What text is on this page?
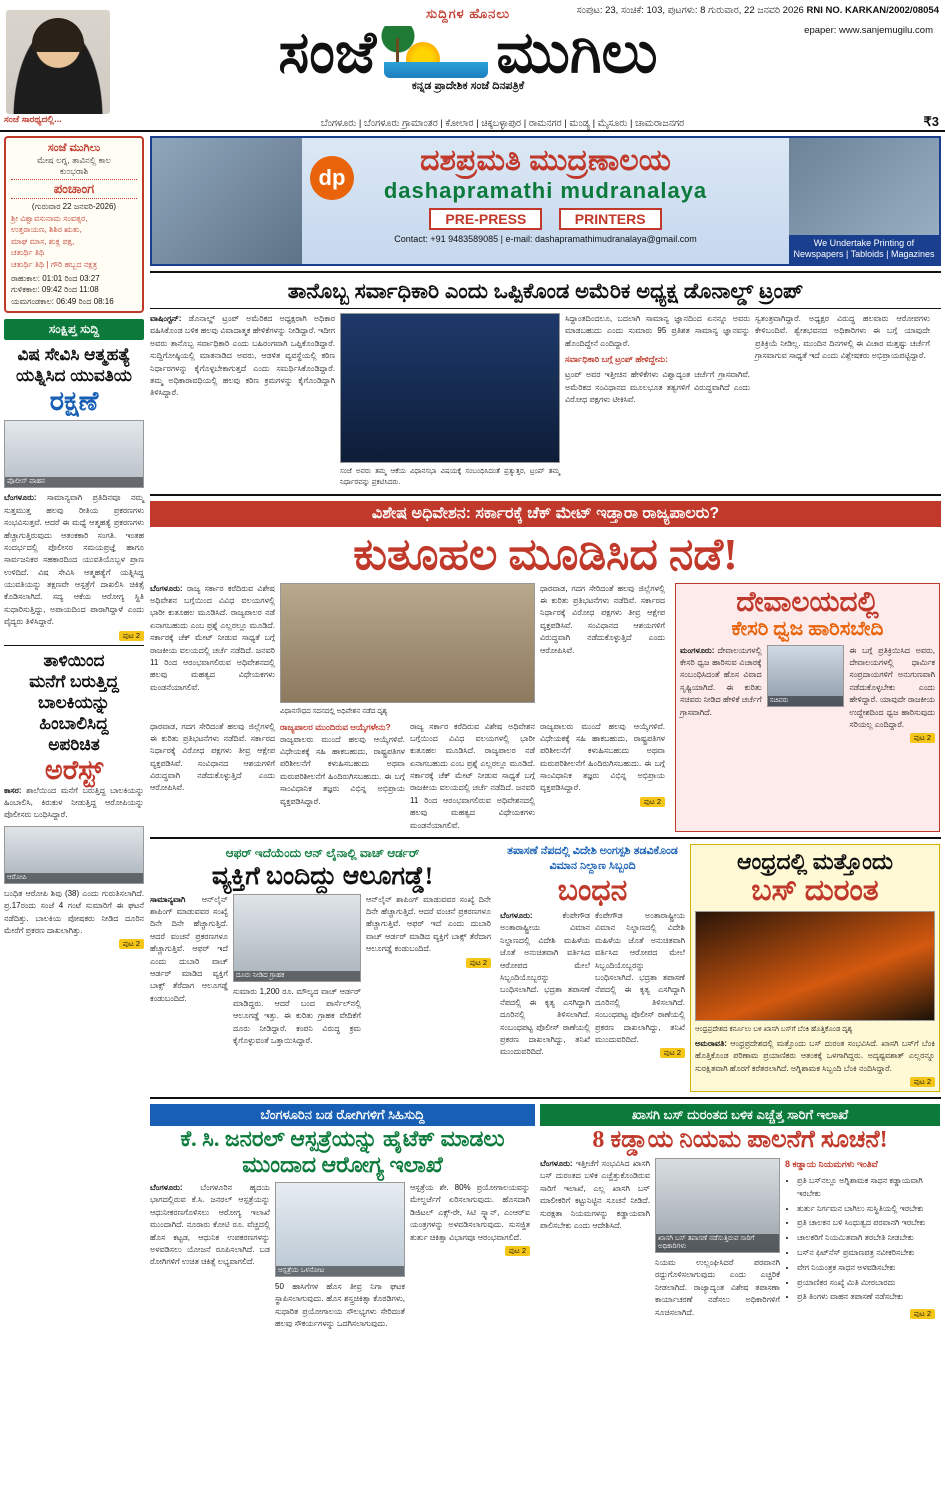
ಸಂಪುಟ: 23, ಸಂಚಿಕೆ: 103, ಪುಟಗಳು: 8 ಗುರುವಾರ, 22 ಜನವರಿ 2026 RNI NO. KARKAN/2002/08054
epaper: www.sanjemugilu.com
ಸಂಜೆ ಸಾರಥ್ಯದಲ್ಲಿ...
ಸುದ್ದಿಗಳ ಹೊನಲು
ಸಂಜೆ ಮುಗಿಲು
ಕನ್ನಡ ಪ್ರಾದೇಶಿಕ ಸಂಜೆ ದಿನಪತ್ರಿಕೆ
ಬೆಂಗಳೂರು | ಬೆಂಗಳೂರು ಗ್ರಾಮಾಂತರ | ಕೋಲಾರ | ಚಿಕ್ಕಬಳ್ಳಾಪುರ | ರಾಮನಗರ | ಮಂಡ್ಯ | ಮೈಸೂರು | ಚಾಮರಾಜನಗರ	₹3
ಸಂಜೆ ಮುಗಿಲು
ಮೇಷ ಲಗ್ನ, ತಾವಿನಲ್ಲಿ ಕಾಲ
ಕುಂಭರಾಶಿ
ಪಂಚಾಂಗ
(ಗುರುವಾರ 22 ಜನವರಿ-2026)
ಶ್ರೀ ವಿಶ್ವಾವಸುನಾಮ ಸಂವತ್ಸರ,
ಉತ್ತರಾಯಣ, ಶಿಶಿರ ಋತು,
ಮಾಘ ಮಾಸ, ಶುಕ್ಲ ಪಕ್ಷ,
ಚತುರ್ಥಿ ತಿಥಿ
ಚತುರ್ಥಿ ತಿಥಿ | ಗೌರಿ ಹಬ್ಬದ ನಕ್ಷತ್ರ
ರಾಹುಕಾಲ: 01:01 ರಿಂದ 03:27
ಗುಳಿಕಕಾಲ: 09:42 ರಿಂದ 11:08
ಯಮಗಂಡಕಾಲ: 06:49 ರಿಂದ 08:16
ಸಂಕ್ಷಿಪ್ತ ಸುದ್ದಿ
ವಿಷ ಸೇವಿಸಿ ಆತ್ಮಹತ್ಯೆ ಯತ್ನಿಸಿದ ಯುವತಿಯ
ರಕ್ಷಣೆ
ಪೊಲೀಸ್ ವಾಹನ
ಬೆಂಗಳೂರು: ಸಾಮಾನ್ಯವಾಗಿ ಪ್ರತಿದಿನವೂ ನಮ್ಮ ಸುತ್ತಮುತ್ತ ಹಲವು ರೀತಿಯ ಪ್ರಕರಣಗಳು ಸಂಭವಿಸುತ್ತವೆ. ಆದರೆ ಈ ಮಧ್ಯೆ ಆತ್ಮಹತ್ಯೆ ಪ್ರಕರಣಗಳು ಹೆಚ್ಚಾಗುತ್ತಿರುವುದು ಆತಂಕಕಾರಿ ಸಂಗತಿ. ಇಂತಹ ಸಂದರ್ಭದಲ್ಲಿ ಪೊಲೀಸರ ಸಮಯಪ್ರಜ್ಞೆ ಹಾಗೂ ಸಾರ್ವಜನಿಕರ ಸಹಕಾರದಿಂದ ಯುವತಿಯೊಬ್ಬಳ ಪ್ರಾಣ ಉಳಿದಿದೆ. ವಿಷ ಸೇವಿಸಿ ಆತ್ಮಹತ್ಯೆಗೆ ಯತ್ನಿಸಿದ್ದ ಯುವತಿಯನ್ನು ತಕ್ಷಣವೇ ಆಸ್ಪತ್ರೆಗೆ ದಾಖಲಿಸಿ ಚಿಕಿತ್ಸೆ ಕೊಡಿಸಲಾಗಿದೆ. ಸದ್ಯ ಆಕೆಯ ಆರೋಗ್ಯ ಸ್ಥಿತಿ ಸುಧಾರಿಸುತ್ತಿದ್ದು, ಅಪಾಯದಿಂದ ಪಾರಾಗಿದ್ದಾಳೆ ಎಂದು ವೈದ್ಯರು ತಿಳಿಸಿದ್ದಾರೆ.
ಪುಟ 2
ತಾಳಿಯಿಂದ
ಮನೆಗೆ ಬರುತ್ತಿದ್ದ
ಬಾಲಕಿಯನ್ನು
ಹಿಂಬಾಲಿಸಿದ್ದ
ಅಪರಿಚಿತ
ಅರೆಸ್ಟ್
ಕಾಸರ: ಶಾಲೆಯಿಂದ ಮನೆಗೆ ಬರುತ್ತಿದ್ದ ಬಾಲಕಿಯನ್ನು ಹಿಂಬಾಲಿಸಿ, ಕಿರುಕುಳ ನೀಡುತ್ತಿದ್ದ ಆರೋಪಿಯನ್ನು ಪೊಲೀಸರು ಬಂಧಿಸಿದ್ದಾರೆ.
ಆರೋಪಿ
ಬಂಧಿತ ಆರೋಪಿ ಶಿವು (38) ಎಂದು ಗುರುತಿಸಲಾಗಿದೆ. ಪ್ರ.17ರಂದು ಸಂಜೆ 4 ಗಂಟೆ ಸುಮಾರಿಗೆ ಈ ಘಟನೆ ನಡೆದಿತ್ತು. ಬಾಲಕಿಯ ಪೋಷಕರು ನೀಡಿದ ದೂರಿನ ಮೇರೆಗೆ ಪ್ರಕರಣ ದಾಖಲಾಗಿತ್ತು.
ಪುಟ 2
dp
ದಶಪ್ರಮತಿ ಮುದ್ರಣಾಲಯ
dashapramathi mudranalaya
PRE-PRESS	PRINTERS
Contact: +91 9483589085 | e-mail: dashapramathimudranalaya@gmail.com	We Undertake Printing of
Newspapers | Tabloids | Magazines
ತಾನೊಬ್ಬ ಸರ್ವಾಧಿಕಾರಿ ಎಂದು ಒಪ್ಪಿಕೊಂಡ ಅಮೆರಿಕ ಅಧ್ಯಕ್ಷ ಡೊನಾಲ್ಡ್ ಟ್ರಂಪ್
ವಾಷಿಂಗ್ಟನ್: ಡೊನಾಲ್ಡ್ ಟ್ರಂಪ್ ಅಮೆರಿಕದ ಅಧ್ಯಕ್ಷರಾಗಿ ಅಧಿಕಾರ ವಹಿಸಿಕೊಂಡ ಬಳಿಕ ಹಲವು ವಿವಾದಾತ್ಮಕ ಹೇಳಿಕೆಗಳನ್ನು ನೀಡಿದ್ದಾರೆ. ಇದೀಗ ಅವರು ತಾನೊಬ್ಬ ಸರ್ವಾಧಿಕಾರಿ ಎಂದು ಬಹಿರಂಗವಾಗಿ ಒಪ್ಪಿಕೊಂಡಿದ್ದಾರೆ. ಸುದ್ದಿಗೋಷ್ಠಿಯಲ್ಲಿ ಮಾತನಾಡಿದ ಅವರು, ಆಡಳಿತ ವ್ಯವಸ್ಥೆಯಲ್ಲಿ ಕಠಿಣ ನಿರ್ಧಾರಗಳನ್ನು ಕೈಗೊಳ್ಳಬೇಕಾಗುತ್ತದೆ ಎಂದು ಸಮರ್ಥಿಸಿಕೊಂಡಿದ್ದಾರೆ. ತಮ್ಮ ಅಧಿಕಾರಾವಧಿಯಲ್ಲಿ ಹಲವು ಕಠಿಣ ಕ್ರಮಗಳನ್ನು ಕೈಗೊಂಡಿದ್ದಾಗಿ ತಿಳಿಸಿದ್ದಾರೆ.
ಸಂಜೆ ಅವರು ತಮ್ಮ ಆಕೆಯ ವಿಧಾನಸಭಾ ವಿಷಯಕ್ಕೆ ಸಂಬಂಧಿಸಿದಂತೆ ಪ್ರತ್ಯುತ್ತರ, ಟ್ರಂಪ್ ತಮ್ಮ ನಿರ್ಧಾರವನ್ನು ಪ್ರಕಟಿಸಿದರು.
ಸಿದ್ಧಾಂತದಿಂದಲೂ, ಬದಲಾಗಿ ಸಾಮಾನ್ಯ ಜ್ಞಾನದಿಂದ ಏನನ್ನೂ ಅವರು ಮಾಡಬಹುದು ಎಂದು ಸುಮಾರು 95 ಪ್ರತಿಶತ ಸಾಮಾನ್ಯ ಜ್ಞಾನವನ್ನು ಹೊಂದಿದ್ದೇನೆ ಎಂದಿದ್ದಾರೆ.
ಸರ್ವಾಧಿಕಾರಿ ಬಗ್ಗೆ ಟ್ರಂಪ್ ಹೇಳಿದ್ದೇನು:
ಟ್ರಂಪ್ ಅವರ ಇತ್ತೀಚಿನ ಹೇಳಿಕೆಗಳು ವಿಶ್ವಾದ್ಯಂತ ಚರ್ಚೆಗೆ ಗ್ರಾಸವಾಗಿವೆ. ಅಮೆರಿಕದ ಸಂವಿಧಾನದ ಮೂಲಭೂತ ತತ್ವಗಳಿಗೆ ವಿರುದ್ಧವಾಗಿದೆ ಎಂದು ವಿರೋಧ ಪಕ್ಷಗಳು ಟೀಕಿಸಿವೆ.
ಸ್ವತಂತ್ರವಾಗಿದ್ದಾರೆ. ಅಧ್ಯಕ್ಷರ ವಿರುದ್ಧ ಹಲವಾರು ಆರೋಪಗಳು ಕೇಳಿಬಂದಿವೆ. ಶ್ವೇತಭವನದ ಅಧಿಕಾರಿಗಳು ಈ ಬಗ್ಗೆ ಯಾವುದೇ ಪ್ರತಿಕ್ರಿಯೆ ನೀಡಿಲ್ಲ. ಮುಂದಿನ ದಿನಗಳಲ್ಲಿ ಈ ವಿಚಾರ ಮತ್ತಷ್ಟು ಚರ್ಚೆಗೆ ಗ್ರಾಸವಾಗುವ ಸಾಧ್ಯತೆ ಇದೆ ಎಂದು ವಿಶ್ಲೇಷಕರು ಅಭಿಪ್ರಾಯಪಟ್ಟಿದ್ದಾರೆ.
ವಿಶೇಷ ಅಧಿವೇಶನ: ಸರ್ಕಾರಕ್ಕೆ ಚೆಕ್ ಮೇಟ್ ಇಡ್ತಾರಾ ರಾಜ್ಯಪಾಲರು?
ಕುತೂಹಲ ಮೂಡಿಸಿದ ನಡೆ!
ಬೆಂಗಳೂರು: ರಾಜ್ಯ ಸರ್ಕಾರ ಕರೆದಿರುವ ವಿಶೇಷ ಅಧಿವೇಶನ ಬಗ್ಗೆಯಿಂದ ವಿವಿಧ ವಲಯಗಳಲ್ಲಿ ಭಾರೀ ಕುತೂಹಲ ಮೂಡಿಸಿದೆ. ರಾಜ್ಯಪಾಲರ ನಡೆ ಏನಾಗಬಹುದು ಎಂಬ ಪ್ರಶ್ನೆ ಎಲ್ಲರಲ್ಲೂ ಮೂಡಿದೆ. ಸರ್ಕಾರಕ್ಕೆ ಚೆಕ್ ಮೇಟ್ ನೀಡುವ ಸಾಧ್ಯತೆ ಬಗ್ಗೆ ರಾಜಕೀಯ ವಲಯದಲ್ಲಿ ಚರ್ಚೆ ನಡೆದಿದೆ. ಜನವರಿ 11 ರಿಂದ ಆರಂಭವಾಗಲಿರುವ ಅಧಿವೇಶನದಲ್ಲಿ ಹಲವು ಮಹತ್ವದ ವಿಧೇಯಕಗಳು ಮಂಡನೆಯಾಗಲಿವೆ.
ವಿಧಾನಸೌಧದ ಸದನದಲ್ಲಿ ಅಧಿವೇಶನ ನಡೆದ ದೃಶ್ಯ
ಧಾರವಾಡ, ಗದಗ ಸೇರಿದಂತೆ ಹಲವು ಜಿಲ್ಲೆಗಳಲ್ಲಿ ಈ ಕುರಿತು ಪ್ರತಿಭಟನೆಗಳು ನಡೆದಿವೆ. ಸರ್ಕಾರದ ನಿರ್ಧಾರಕ್ಕೆ ವಿರೋಧ ಪಕ್ಷಗಳು ತೀವ್ರ ಆಕ್ಷೇಪ ವ್ಯಕ್ತಪಡಿಸಿವೆ. ಸಂವಿಧಾನದ ಆಶಯಗಳಿಗೆ ವಿರುದ್ಧವಾಗಿ ನಡೆದುಕೊಳ್ಳುತ್ತಿದೆ ಎಂದು ಆರೋಪಿಸಿವೆ.
ಧಾರವಾಡ, ಗದಗ ಸೇರಿದಂತೆ ಹಲವು ಜಿಲ್ಲೆಗಳಲ್ಲಿ ಈ ಕುರಿತು ಪ್ರತಿಭಟನೆಗಳು ನಡೆದಿವೆ. ಸರ್ಕಾರದ ನಿರ್ಧಾರಕ್ಕೆ ವಿರೋಧ ಪಕ್ಷಗಳು ತೀವ್ರ ಆಕ್ಷೇಪ ವ್ಯಕ್ತಪಡಿಸಿವೆ. ಸಂವಿಧಾನದ ಆಶಯಗಳಿಗೆ ವಿರುದ್ಧವಾಗಿ ನಡೆದುಕೊಳ್ಳುತ್ತಿದೆ ಎಂದು ಆರೋಪಿಸಿವೆ.
ರಾಜ್ಯಪಾಲರ ಮುಂದಿರುವ ಆಯ್ಕೆಗಳೇನು?
ರಾಜ್ಯಪಾಲರು ಮುಂದೆ ಹಲವು ಆಯ್ಕೆಗಳಿವೆ. ವಿಧೇಯಕಕ್ಕೆ ಸಹಿ ಹಾಕಬಹುದು, ರಾಷ್ಟ್ರಪತಿಗಳ ಪರಿಶೀಲನೆಗೆ ಕಳುಹಿಸಬಹುದು ಅಥವಾ ಮರುಪರಿಶೀಲನೆಗೆ ಹಿಂದಿರುಗಿಸಬಹುದು. ಈ ಬಗ್ಗೆ ಸಾಂವಿಧಾನಿಕ ತಜ್ಞರು ವಿಭಿನ್ನ ಅಭಿಪ್ರಾಯ ವ್ಯಕ್ತಪಡಿಸಿದ್ದಾರೆ.
ರಾಜ್ಯ ಸರ್ಕಾರ ಕರೆದಿರುವ ವಿಶೇಷ ಅಧಿವೇಶನ ಬಗ್ಗೆಯಿಂದ ವಿವಿಧ ವಲಯಗಳಲ್ಲಿ ಭಾರೀ ಕುತೂಹಲ ಮೂಡಿಸಿದೆ. ರಾಜ್ಯಪಾಲರ ನಡೆ ಏನಾಗಬಹುದು ಎಂಬ ಪ್ರಶ್ನೆ ಎಲ್ಲರಲ್ಲೂ ಮೂಡಿದೆ. ಸರ್ಕಾರಕ್ಕೆ ಚೆಕ್ ಮೇಟ್ ನೀಡುವ ಸಾಧ್ಯತೆ ಬಗ್ಗೆ ರಾಜಕೀಯ ವಲಯದಲ್ಲಿ ಚರ್ಚೆ ನಡೆದಿದೆ. ಜನವರಿ 11 ರಿಂದ ಆರಂಭವಾಗಲಿರುವ ಅಧಿವೇಶನದಲ್ಲಿ ಹಲವು ಮಹತ್ವದ ವಿಧೇಯಕಗಳು ಮಂಡನೆಯಾಗಲಿವೆ.
ರಾಜ್ಯಪಾಲರು ಮುಂದೆ ಹಲವು ಆಯ್ಕೆಗಳಿವೆ. ವಿಧೇಯಕಕ್ಕೆ ಸಹಿ ಹಾಕಬಹುದು, ರಾಷ್ಟ್ರಪತಿಗಳ ಪರಿಶೀಲನೆಗೆ ಕಳುಹಿಸಬಹುದು ಅಥವಾ ಮರುಪರಿಶೀಲನೆಗೆ ಹಿಂದಿರುಗಿಸಬಹುದು. ಈ ಬಗ್ಗೆ ಸಾಂವಿಧಾನಿಕ ತಜ್ಞರು ವಿಭಿನ್ನ ಅಭಿಪ್ರಾಯ ವ್ಯಕ್ತಪಡಿಸಿದ್ದಾರೆ.
ಪುಟ 2
ದೇವಾಲಯದಲ್ಲಿ
ಕೇಸರಿ ಧ್ವಜ ಹಾರಿಸಬೇದಿ
ಮಂಗಳೂರು: ದೇವಾಲಯಗಳಲ್ಲಿ ಕೇಸರಿ ಧ್ವಜ ಹಾರಿಸುವ ವಿಚಾರಕ್ಕೆ ಸಂಬಂಧಿಸಿದಂತೆ ಹೊಸ ವಿವಾದ ಸೃಷ್ಟಿಯಾಗಿದೆ. ಈ ಕುರಿತು ಸಚಿವರು ನೀಡಿದ ಹೇಳಿಕೆ ಚರ್ಚೆಗೆ ಗ್ರಾಸವಾಗಿದೆ.
ಸಚಿವರು
ಈ ಬಗ್ಗೆ ಪ್ರತಿಕ್ರಿಯಿಸಿದ ಅವರು, ದೇವಾಲಯಗಳಲ್ಲಿ ಧಾರ್ಮಿಕ ಸಂಪ್ರದಾಯಗಳಿಗೆ ಅನುಗುಣವಾಗಿ ನಡೆದುಕೊಳ್ಳಬೇಕು ಎಂದು ಹೇಳಿದ್ದಾರೆ. ಯಾವುದೇ ರಾಜಕೀಯ ಉದ್ದೇಶದಿಂದ ಧ್ವಜ ಹಾರಿಸುವುದು ಸರಿಯಲ್ಲ ಎಂದಿದ್ದಾರೆ.
ಪುಟ 2
ಆಫರ್ ಇದೆಯೆಂದು ಆನ್ ಲೈನಾಲ್ಲಿ ವಾಚ್ ಆರ್ಡರ್
ವ್ಯಕ್ತಿಗೆ ಬಂದಿದ್ದು ಆಲೂಗಡ್ಡೆ!
ಸಾಮಾನ್ಯವಾಗಿ ಆನ್‌ಲೈನ್ ಶಾಪಿಂಗ್ ಮಾಡುವವರ ಸಂಖ್ಯೆ ದಿನೇ ದಿನೇ ಹೆಚ್ಚಾಗುತ್ತಿದೆ. ಆದರೆ ವಂಚನೆ ಪ್ರಕರಣಗಳೂ ಹೆಚ್ಚಾಗುತ್ತಿವೆ. ಆಫರ್ ಇದೆ ಎಂದು ದುಬಾರಿ ವಾಚ್ ಆರ್ಡರ್ ಮಾಡಿದ ವ್ಯಕ್ತಿಗೆ ಬಾಕ್ಸ್ ತೆರೆದಾಗ ಆಲೂಗಡ್ಡೆ ಕಂಡುಬಂದಿದೆ.
ದೂರು ನೀಡಿದ ಗ್ರಾಹಕ
ಸುಮಾರು 1,200 ರೂ. ಮೌಲ್ಯದ ವಾಚ್ ಆರ್ಡರ್ ಮಾಡಿದ್ದರು. ಆದರೆ ಬಂದ ಪಾರ್ಸೆಲ್‌ನಲ್ಲಿ ಆಲೂಗಡ್ಡೆ ಇತ್ತು. ಈ ಕುರಿತು ಗ್ರಾಹಕ ವೇದಿಕೆಗೆ ದೂರು ನೀಡಿದ್ದಾರೆ. ಕಂಪನಿ ವಿರುದ್ಧ ಕ್ರಮ ಕೈಗೊಳ್ಳುವಂತೆ ಒತ್ತಾಯಿಸಿದ್ದಾರೆ.
ಆನ್‌ಲೈನ್ ಶಾಪಿಂಗ್ ಮಾಡುವವರ ಸಂಖ್ಯೆ ದಿನೇ ದಿನೇ ಹೆಚ್ಚಾಗುತ್ತಿದೆ. ಆದರೆ ವಂಚನೆ ಪ್ರಕರಣಗಳೂ ಹೆಚ್ಚಾಗುತ್ತಿವೆ. ಆಫರ್ ಇದೆ ಎಂದು ದುಬಾರಿ ವಾಚ್ ಆರ್ಡರ್ ಮಾಡಿದ ವ್ಯಕ್ತಿಗೆ ಬಾಕ್ಸ್ ತೆರೆದಾಗ ಆಲೂಗಡ್ಡೆ ಕಂಡುಬಂದಿದೆ.
ಪುಟ 2
ತಪಾಸಣೆ ನೆಪದಲ್ಲಿ ವಿದೇಶಿ ಅಂಗಸ್ಪಶಿ ತಡವಿಕೊಂಡ ವಿಮಾನ ನಿಲ್ದಾಣ ಸಿಬ್ಬಂದಿ
ಬಂಧನ
ಬೆಂಗಳೂರು:	ಕೆಂಪೇಗೌಡ ಅಂತಾರಾಷ್ಟ್ರೀಯ ವಿಮಾನ ನಿಲ್ದಾಣದಲ್ಲಿ ವಿದೇಶಿ ಮಹಿಳೆಯ ಜೊತೆ ಅನುಚಿತವಾಗಿ ವರ್ತಿಸಿದ ಆರೋಪದ ಮೇಲೆ ಸಿಬ್ಬಂದಿಯೊಬ್ಬರನ್ನು ಬಂಧಿಸಲಾಗಿದೆ. ಭದ್ರತಾ ತಪಾಸಣೆ ನೆಪದಲ್ಲಿ ಈ ಕೃತ್ಯ ಎಸಗಿದ್ದಾಗಿ ದೂರಿನಲ್ಲಿ ತಿಳಿಸಲಾಗಿದೆ. ಸಂಬಂಧಪಟ್ಟ ಪೊಲೀಸ್ ಠಾಣೆಯಲ್ಲಿ ಪ್ರಕರಣ ದಾಖಲಾಗಿದ್ದು, ತನಿಖೆ ಮುಂದುವರಿದಿದೆ.
ಕೆಂಪೇಗೌಡ ಅಂತಾರಾಷ್ಟ್ರೀಯ ವಿಮಾನ ನಿಲ್ದಾಣದಲ್ಲಿ ವಿದೇಶಿ ಮಹಿಳೆಯ ಜೊತೆ ಅನುಚಿತವಾಗಿ ವರ್ತಿಸಿದ ಆರೋಪದ ಮೇಲೆ ಸಿಬ್ಬಂದಿಯೊಬ್ಬರನ್ನು ಬಂಧಿಸಲಾಗಿದೆ. ಭದ್ರತಾ ತಪಾಸಣೆ ನೆಪದಲ್ಲಿ ಈ ಕೃತ್ಯ ಎಸಗಿದ್ದಾಗಿ ದೂರಿನಲ್ಲಿ ತಿಳಿಸಲಾಗಿದೆ. ಸಂಬಂಧಪಟ್ಟ ಪೊಲೀಸ್ ಠಾಣೆಯಲ್ಲಿ ಪ್ರಕರಣ ದಾಖಲಾಗಿದ್ದು, ತನಿಖೆ ಮುಂದುವರಿದಿದೆ.
ಪುಟ 2
ಆಂಧ್ರದಲ್ಲಿ ಮತ್ತೊಂದು
ಬಸ್ ದುರಂತ
ಆಂಧ್ರಪ್ರದೇಶದ ಕರ್ನೂಲು ಬಳಿ ಖಾಸಗಿ ಬಸ್‌ಗೆ ಬೆಂಕಿ ಹೊತ್ತಿಕೊಂಡ ದೃಶ್ಯ
ಅಮರಾವತಿ: ಆಂಧ್ರಪ್ರದೇಶದಲ್ಲಿ ಮತ್ತೊಂದು ಬಸ್ ದುರಂತ ಸಂಭವಿಸಿದೆ. ಖಾಸಗಿ ಬಸ್‌ಗೆ ಬೆಂಕಿ ಹೊತ್ತಿಕೊಂಡ ಪರಿಣಾಮ ಪ್ರಯಾಣಿಕರು ಆತಂಕಕ್ಕೆ ಒಳಗಾಗಿದ್ದರು. ಅದೃಷ್ಟವಶಾತ್ ಎಲ್ಲರನ್ನೂ ಸುರಕ್ಷಿತವಾಗಿ ಹೊರಗೆ ಕರೆತರಲಾಗಿದೆ. ಅಗ್ನಿಶಾಮಕ ಸಿಬ್ಬಂದಿ ಬೆಂಕಿ ನಂದಿಸಿದ್ದಾರೆ.
ಪುಟ 2
ಬೆಂಗಳೂರಿನ ಬಡ ರೋಗಿಗಳಿಗೆ ಸಿಹಿಸುದ್ದಿ
ಕೆ. ಸಿ. ಜನರಲ್ ಆಸ್ಪತ್ರೆಯನ್ನು ಹೈಟೆಕ್ ಮಾಡಲು ಮುಂದಾದ ಆರೋಗ್ಯ ಇಲಾಖೆ
ಬೆಂಗಳೂರು: ಬೆಂಗಳೂರಿನ ಹೃದಯ ಭಾಗದಲ್ಲಿರುವ ಕೆ.ಸಿ. ಜನರಲ್ ಆಸ್ಪತ್ರೆಯನ್ನು ಆಧುನೀಕರಣಗೊಳಿಸಲು ಆರೋಗ್ಯ ಇಲಾಖೆ ಮುಂದಾಗಿದೆ. ನೂರಾರು ಕೋಟಿ ರೂ. ವೆಚ್ಚದಲ್ಲಿ ಹೊಸ ಕಟ್ಟಡ, ಆಧುನಿಕ ಉಪಕರಣಗಳನ್ನು ಅಳವಡಿಸಲು ಯೋಜನೆ ರೂಪಿಸಲಾಗಿದೆ. ಬಡ ರೋಗಿಗಳಿಗೆ ಉಚಿತ ಚಿಕಿತ್ಸೆ ಲಭ್ಯವಾಗಲಿದೆ.
ಆಸ್ಪತ್ರೆಯ ಒಳನೋಟ
50 ಹಾಸಿಗೆಗಳ ಹೊಸ ತೀವ್ರ ನಿಗಾ ಘಟಕ ಸ್ಥಾಪಿಸಲಾಗುವುದು. ಹೊಸ ಶಸ್ತ್ರಚಿಕಿತ್ಸಾ ಕೊಠಡಿಗಳು, ಸುಧಾರಿತ ಪ್ರಯೋಗಾಲಯ ಸೌಲಭ್ಯಗಳು ಸೇರಿದಂತೆ ಹಲವು ಸೌಕರ್ಯಗಳನ್ನು ಒದಗಿಸಲಾಗುವುದು.
ಆಸ್ಪತ್ರೆಯ ಶೇ. 80% ಪ್ರಯೋಗಾಲಯವನ್ನು ಮೇಲ್ದರ್ಜೆಗೆ ಏರಿಸಲಾಗುವುದು. ಹೊಸದಾಗಿ ಡಿಜಿಟಲ್ ಎಕ್ಸ್-ರೇ, ಸಿಟಿ ಸ್ಕ್ಯಾನ್, ಎಂಆರ್‌ಐ ಯಂತ್ರಗಳನ್ನು ಅಳವಡಿಸಲಾಗುವುದು. ಸುಸಜ್ಜಿತ ತುರ್ತು ಚಿಕಿತ್ಸಾ ವಿಭಾಗವೂ ಆರಂಭವಾಗಲಿದೆ.
ಪುಟ 2
ಖಾಸಗಿ ಬಸ್ ದುರಂತದ ಬಳಿಕ ಎಚ್ಚೆತ್ತ ಸಾರಿಗೆ ಇಲಾಖೆ
8 ಕಡ್ಡಾಯ ನಿಯಮ ಪಾಲನೆಗೆ ಸೂಚನೆ!
ಬೆಂಗಳೂರು: ಇತ್ತೀಚೆಗೆ ಸಂಭವಿಸಿದ ಖಾಸಗಿ ಬಸ್ ದುರಂತದ ಬಳಿಕ ಎಚ್ಚೆತ್ತುಕೊಂಡಿರುವ ಸಾರಿಗೆ ಇಲಾಖೆ, ಎಲ್ಲ ಖಾಸಗಿ ಬಸ್ ಮಾಲೀಕರಿಗೆ ಕಟ್ಟುನಿಟ್ಟಿನ ಸೂಚನೆ ನೀಡಿದೆ. ಸುರಕ್ಷತಾ ನಿಯಮಗಳನ್ನು ಕಡ್ಡಾಯವಾಗಿ ಪಾಲಿಸಬೇಕು ಎಂದು ಆದೇಶಿಸಿದೆ.
ಖಾಸಗಿ ಬಸ್ ತಪಾಸಣೆ ನಡೆಸುತ್ತಿರುವ ಸಾರಿಗೆ ಅಧಿಕಾರಿಗಳು
ನಿಯಮ ಉಲ್ಲಂಘಿಸಿದರೆ ಪರವಾನಗಿ ರದ್ದುಗೊಳಿಸಲಾಗುವುದು ಎಂದು ಎಚ್ಚರಿಕೆ ನೀಡಲಾಗಿದೆ. ರಾಜ್ಯಾದ್ಯಂತ ವಿಶೇಷ ತಪಾಸಣಾ ಕಾರ್ಯಾಚರಣೆ ನಡೆಸಲು ಅಧಿಕಾರಿಗಳಿಗೆ ಸೂಚಿಸಲಾಗಿದೆ.
8 ಕಡ್ಡಾಯ ನಿಯಮಗಳು ಇಂತಿವೆ
• ಪ್ರತಿ ಬಸ್‌ನಲ್ಲೂ ಅಗ್ನಿಶಾಮಕ ಸಾಧನ ಕಡ್ಡಾಯವಾಗಿ ಇರಬೇಕು
• ತುರ್ತು ನಿರ್ಗಮನ ಬಾಗಿಲು ಸುಸ್ಥಿತಿಯಲ್ಲಿ ಇರಬೇಕು
• ಪ್ರತಿ ಚಾಲಕನ ಬಳಿ ಸಿಂಧುತ್ವದ ಪರವಾನಗಿ ಇರಬೇಕು
• ಚಾಲಕರಿಗೆ ನಿಯಮಿತವಾಗಿ ತರಬೇತಿ ನೀಡಬೇಕು
• ಬಸ್‌ನ ಫಿಟ್‌ನೆಸ್ ಪ್ರಮಾಣಪತ್ರ ನವೀಕರಿಸಬೇಕು
• ವೇಗ ನಿಯಂತ್ರಕ ಸಾಧನ ಅಳವಡಿಸಬೇಕು
• ಪ್ರಯಾಣಿಕರ ಸಂಖ್ಯೆ ಮಿತಿ ಮೀರಬಾರದು
• ಪ್ರತಿ ತಿಂಗಳು ವಾಹನ ತಪಾಸಣೆ ನಡೆಸಬೇಕು
ಪುಟ 2
